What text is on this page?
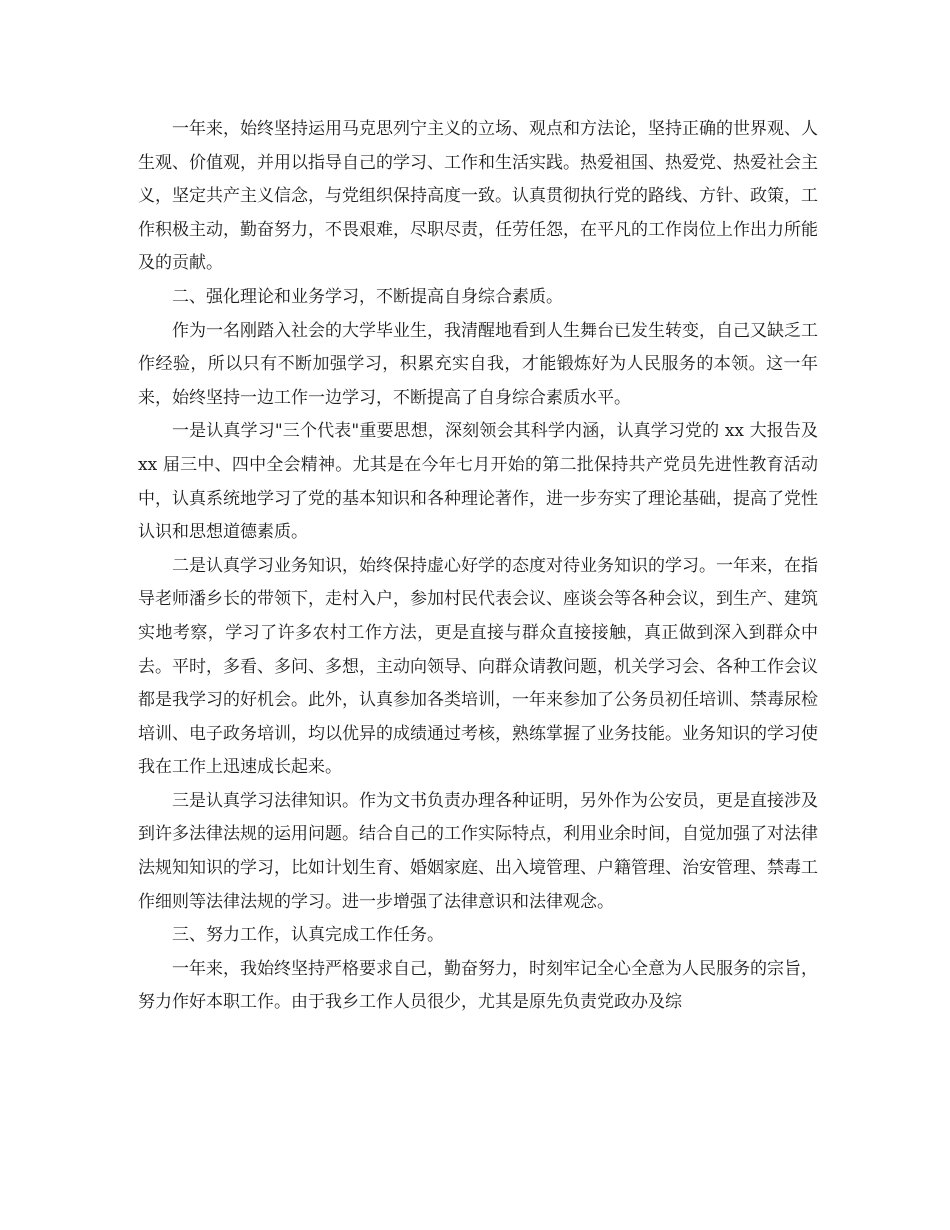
一年来，始终坚持运用马克思列宁主义的立场、观点和方法论，坚持正确的世界观、人生观、价值观，并用以指导自己的学习、工作和生活实践。热爱祖国、热爱党、热爱社会主义，坚定共产主义信念，与党组织保持高度一致。认真贯彻执行党的路线、方针、政策，工作积极主动，勤奋努力，不畏艰难，尽职尽责，任劳任怨，在平凡的工作岗位上作出力所能及的贡献。

二、强化理论和业务学习，不断提高自身综合素质。

作为一名刚踏入社会的大学毕业生，我清醒地看到人生舞台已发生转变，自己又缺乏工作经验，所以只有不断加强学习，积累充实自我，才能锻炼好为人民服务的本领。这一年来，始终坚持一边工作一边学习，不断提高了自身综合素质水平。

一是认真学习"三个代表"重要思想，深刻领会其科学内涵，认真学习党的 xx 大报告及 xx 届三中、四中全会精神。尤其是在今年七月开始的第二批保持共产党员先进性教育活动中，认真系统地学习了党的基本知识和各种理论著作，进一步夯实了理论基础，提高了党性认识和思想道德素质。

二是认真学习业务知识，始终保持虚心好学的态度对待业务知识的学习。一年来，在指导老师潘乡长的带领下，走村入户，参加村民代表会议、座谈会等各种会议，到生产、建筑实地考察，学习了许多农村工作方法，更是直接与群众直接接触，真正做到深入到群众中去。平时，多看、多问、多想，主动向领导、向群众请教问题，机关学习会、各种工作会议都是我学习的好机会。此外，认真参加各类培训，一年来参加了公务员初任培训、禁毒尿检培训、电子政务培训，均以优异的成绩通过考核，熟练掌握了业务技能。业务知识的学习使我在工作上迅速成长起来。

三是认真学习法律知识。作为文书负责办理各种证明，另外作为公安员，更是直接涉及到许多法律法规的运用问题。结合自己的工作实际特点，利用业余时间，自觉加强了对法律法规知知识的学习，比如计划生育、婚姻家庭、出入境管理、户籍管理、治安管理、禁毒工作细则等法律法规的学习。进一步增强了法律意识和法律观念。

三、努力工作，认真完成工作任务。

一年来，我始终坚持严格要求自己，勤奋努力，时刻牢记全心全意为人民服务的宗旨，努力作好本职工作。由于我乡工作人员很少，尤其是原先负责党政办及综
